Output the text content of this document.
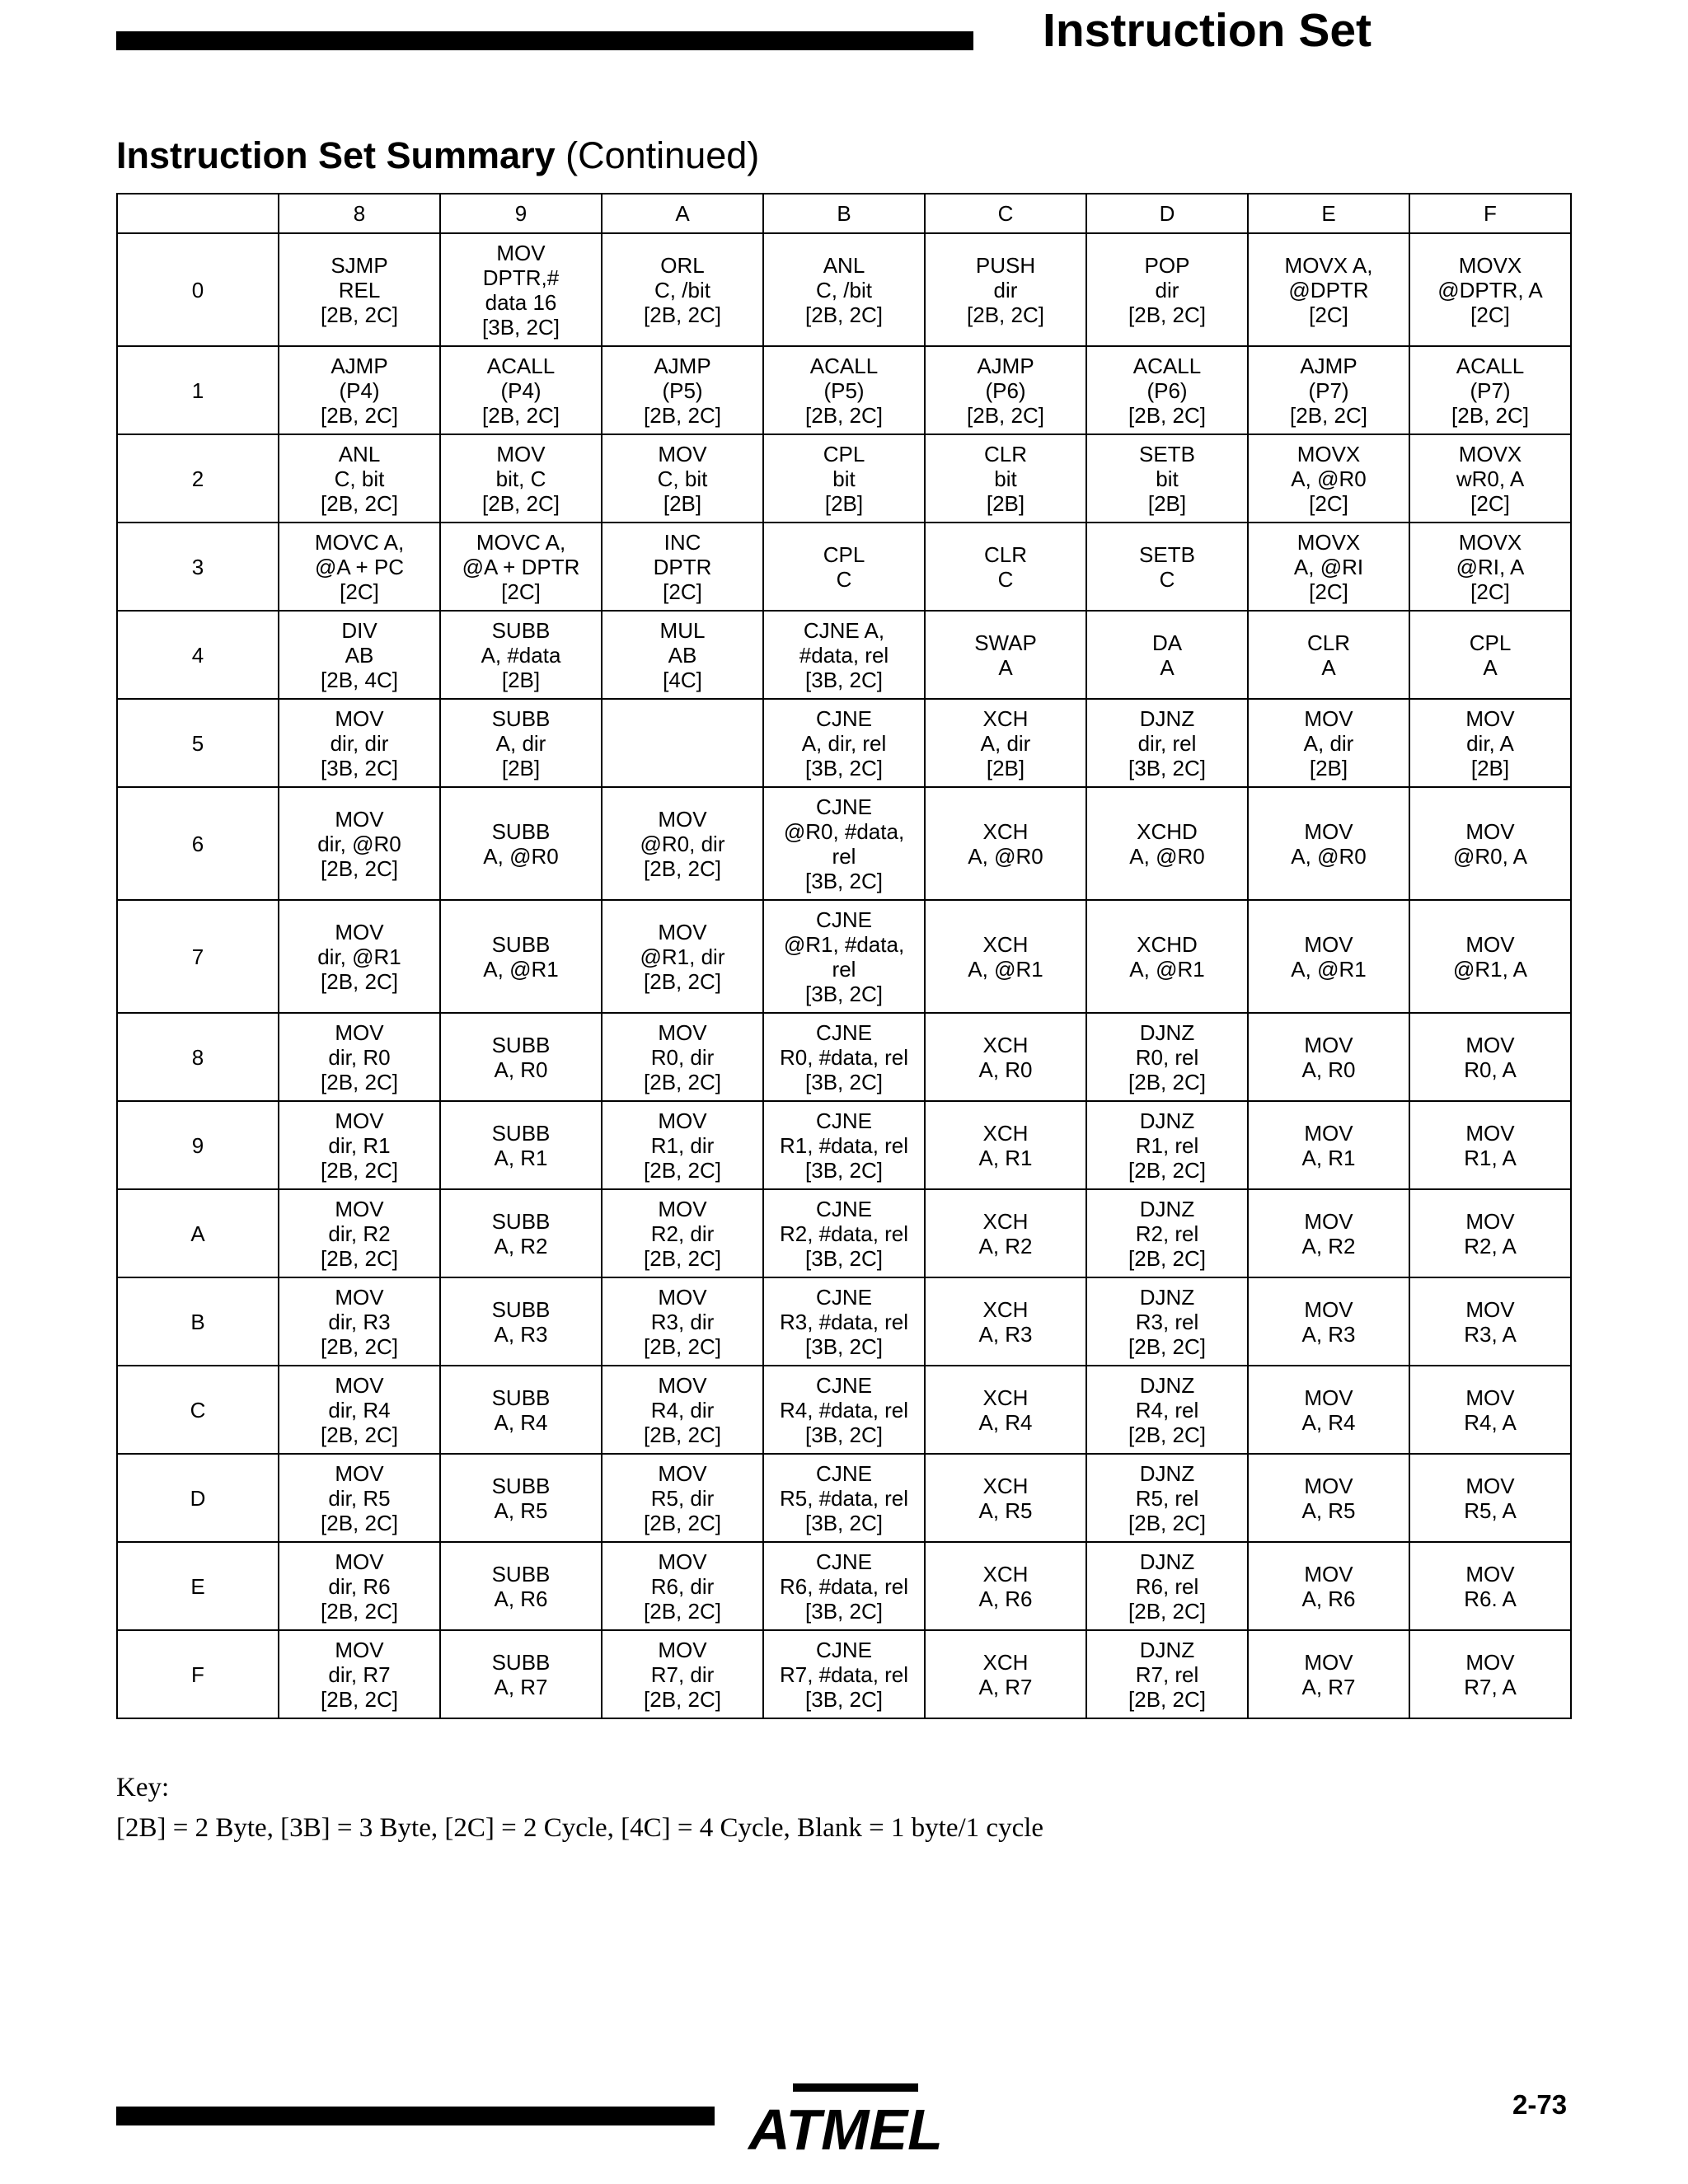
Instruction Set
Instruction Set Summary (Continued)
	8	9	A	B	C	D	E	F
0	SJMP
REL
[2B, 2C]	MOV
DPTR,#
data 16
[3B, 2C]	ORL
C, /bit
[2B, 2C]	ANL
C, /bit
[2B, 2C]	PUSH
dir
[2B, 2C]	POP
dir
[2B, 2C]	MOVX A,
@DPTR
[2C]	MOVX
@DPTR, A
[2C]

1	AJMP
(P4)
[2B, 2C]	ACALL
(P4)
[2B, 2C]	AJMP
(P5)
[2B, 2C]	ACALL
(P5)
[2B, 2C]	AJMP
(P6)
[2B, 2C]	ACALL
(P6)
[2B, 2C]	AJMP
(P7)
[2B, 2C]	ACALL
(P7)
[2B, 2C]

2	ANL
C, bit
[2B, 2C]	MOV
bit, C
[2B, 2C]	MOV
C, bit
[2B]	CPL
bit
[2B]	CLR
bit
[2B]	SETB
bit
[2B]	MOVX
A, @R0
[2C]	MOVX
wR0, A
[2C]

3	MOVC A,
@A + PC
[2C]	MOVC A,
@A + DPTR
[2C]	INC
DPTR
[2C]	CPL
C	CLR
C	SETB
C	MOVX
A, @RI
[2C]	MOVX
@RI, A
[2C]

4	DIV
AB
[2B, 4C]	SUBB
A, #data
[2B]	MUL
AB
[4C]	CJNE A,
#data, rel
[3B, 2C]	SWAP
A	DA
A	CLR
A	CPL
A

5	MOV
dir, dir
[3B, 2C]	SUBB
A, dir
[2B]		CJNE
A, dir, rel
[3B, 2C]	XCH
A, dir
[2B]	DJNZ
dir, rel
[3B, 2C]	MOV
A, dir
[2B]	MOV
dir, A
[2B]

6	MOV
dir, @R0
[2B, 2C]	SUBB
A, @R0	MOV
@R0, dir
[2B, 2C]	CJNE
@R0, #data,
rel
[3B, 2C]	XCH
A, @R0	XCHD
A, @R0	MOV
A, @R0	MOV
@R0, A

7	MOV
dir, @R1
[2B, 2C]	SUBB
A, @R1	MOV
@R1, dir
[2B, 2C]	CJNE
@R1, #data,
rel
[3B, 2C]	XCH
A, @R1	XCHD
A, @R1	MOV
A, @R1	MOV
@R1, A

8	MOV
dir, R0
[2B, 2C]	SUBB
A, R0	MOV
R0, dir
[2B, 2C]	CJNE
R0, #data, rel
[3B, 2C]	XCH
A, R0	DJNZ
R0, rel
[2B, 2C]	MOV
A, R0	MOV
R0, A

9	MOV
dir, R1
[2B, 2C]	SUBB
A, R1	MOV
R1, dir
[2B, 2C]	CJNE
R1, #data, rel
[3B, 2C]	XCH
A, R1	DJNZ
R1, rel
[2B, 2C]	MOV
A, R1	MOV
R1, A

A	MOV
dir, R2
[2B, 2C]	SUBB
A, R2	MOV
R2, dir
[2B, 2C]	CJNE
R2, #data, rel
[3B, 2C]	XCH
A, R2	DJNZ
R2, rel
[2B, 2C]	MOV
A, R2	MOV
R2, A

B	MOV
dir, R3
[2B, 2C]	SUBB
A, R3	MOV
R3, dir
[2B, 2C]	CJNE
R3, #data, rel
[3B, 2C]	XCH
A, R3	DJNZ
R3, rel
[2B, 2C]	MOV
A, R3	MOV
R3, A

C	MOV
dir, R4
[2B, 2C]	SUBB
A, R4	MOV
R4, dir
[2B, 2C]	CJNE
R4, #data, rel
[3B, 2C]	XCH
A, R4	DJNZ
R4, rel
[2B, 2C]	MOV
A, R4	MOV
R4, A

D	MOV
dir, R5
[2B, 2C]	SUBB
A, R5	MOV
R5, dir
[2B, 2C]	CJNE
R5, #data, rel
[3B, 2C]	XCH
A, R5	DJNZ
R5, rel
[2B, 2C]	MOV
A, R5	MOV
R5, A

E	MOV
dir, R6
[2B, 2C]	SUBB
A, R6	MOV
R6, dir
[2B, 2C]	CJNE
R6, #data, rel
[3B, 2C]	XCH
A, R6	DJNZ
R6, rel
[2B, 2C]	MOV
A, R6	MOV
R6. A

F	MOV
dir, R7
[2B, 2C]	SUBB
A, R7	MOV
R7, dir
[2B, 2C]	CJNE
R7, #data, rel
[3B, 2C]	XCH
A, R7	DJNZ
R7, rel
[2B, 2C]	MOV
A, R7	MOV
R7, A
Key:
[2B] = 2 Byte, [3B] = 3 Byte, [2C] = 2 Cycle, [4C] = 4 Cycle, Blank = 1 byte/1 cycle
ATMEL	2-73
